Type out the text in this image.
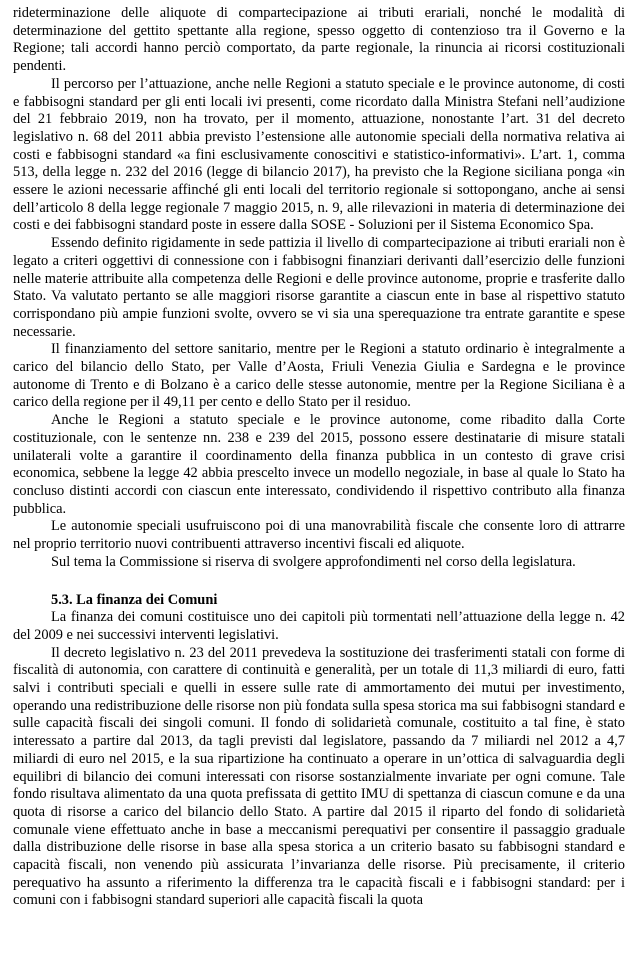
rideterminazione delle aliquote di compartecipazione ai tributi erariali, nonché le modalità di determinazione del gettito spettante alla regione, spesso oggetto di contenzioso tra il Governo e la Regione; tali accordi hanno perciò comportato, da parte regionale, la rinuncia ai ricorsi costituzionali pendenti.

Il percorso per l’attuazione, anche nelle Regioni a statuto speciale e le province autonome, di costi e fabbisogni standard per gli enti locali ivi presenti, come ricordato dalla Ministra Stefani nell’audizione del 21 febbraio 2019, non ha trovato, per il momento, attuazione, nonostante l’art. 31 del decreto legislativo n. 68 del 2011 abbia previsto l’estensione alle autonomie speciali della normativa relativa ai costi e fabbisogni standard «a fini esclusivamente conoscitivi e statistico-informativi». L’art. 1, comma 513, della legge n. 232 del 2016 (legge di bilancio 2017), ha previsto che la Regione siciliana ponga «in essere le azioni necessarie affinché gli enti locali del territorio regionale si sottopongano, anche ai sensi dell’articolo 8 della legge regionale 7 maggio 2015, n. 9, alle rilevazioni in materia di determinazione dei costi e dei fabbisogni standard poste in essere dalla SOSE - Soluzioni per il Sistema Economico Spa.

Essendo definito rigidamente in sede pattizia il livello di compartecipazione ai tributi erariali non è legato a criteri oggettivi di connessione con i fabbisogni finanziari derivanti dall’esercizio delle funzioni nelle materie attribuite alla competenza delle Regioni e delle province autonome, proprie e trasferite dallo Stato. Va valutato pertanto se alle maggiori risorse garantite a ciascun ente in base al rispettivo statuto corrispondano più ampie funzioni svolte, ovvero se vi sia una sperequazione tra entrate garantite e spese necessarie.

Il finanziamento del settore sanitario, mentre per le Regioni a statuto ordinario è integralmente a carico del bilancio dello Stato, per Valle d’Aosta, Friuli Venezia Giulia e Sardegna e le province autonome di Trento e di Bolzano è a carico delle stesse autonomie, mentre per la Regione Siciliana è a carico della regione per il 49,11 per cento e dello Stato per il residuo.

Anche le Regioni a statuto speciale e le province autonome, come ribadito dalla Corte costituzionale, con le sentenze nn. 238 e 239 del 2015, possono essere destinatarie di misure statali unilaterali volte a garantire il coordinamento della finanza pubblica in un contesto di grave crisi economica, sebbene la legge 42 abbia prescelto invece un modello negoziale, in base al quale lo Stato ha concluso distinti accordi con ciascun ente interessato, condividendo il rispettivo contributo alla finanza pubblica.

Le autonomie speciali usufruiscono poi di una manovrabilità fiscale che consente loro di attrarre nel proprio territorio nuovi contribuenti attraverso incentivi fiscali ed aliquote.

Sul tema la Commissione si riserva di svolgere approfondimenti nel corso della legislatura.

5.3. La finanza dei Comuni

La finanza dei comuni costituisce uno dei capitoli più tormentati nell’attuazione della legge n. 42 del 2009 e nei successivi interventi legislativi.

Il decreto legislativo n. 23 del 2011 prevedeva la sostituzione dei trasferimenti statali con forme di fiscalità di autonomia, con carattere di continuità e generalità, per un totale di 11,3 miliardi di euro, fatti salvi i contributi speciali e quelli in essere sulle rate di ammortamento dei mutui per investimento, operando una redistribuzione delle risorse non più fondata sulla spesa storica ma sui fabbisogni standard e sulle capacità fiscali dei singoli comuni. Il fondo di solidarietà comunale, costituito a tal fine, è stato interessato a partire dal 2013, da tagli previsti dal legislatore, passando da 7 miliardi nel 2012 a 4,7 miliardi di euro nel 2015, e la sua ripartizione ha continuato a operare in un’ottica di salvaguardia degli equilibri di bilancio dei comuni interessati con risorse sostanzialmente invariate per ogni comune. Tale fondo risultava alimentato da una quota prefissata di gettito IMU di spettanza di ciascun comune e da una quota di risorse a carico del bilancio dello Stato. A partire dal 2015 il riparto del fondo di solidarietà comunale viene effettuato anche in base a meccanismi perequativi per consentire il passaggio graduale dalla distribuzione delle risorse in base alla spesa storica a un criterio basato su fabbisogni standard e capacità fiscali, non venendo più assicurata l’invarianza delle risorse. Più precisamente, il criterio perequativo ha assunto a riferimento la differenza tra le capacità fiscali e i fabbisogni standard: per i comuni con i fabbisogni standard superiori alle capacità fiscali la quota
